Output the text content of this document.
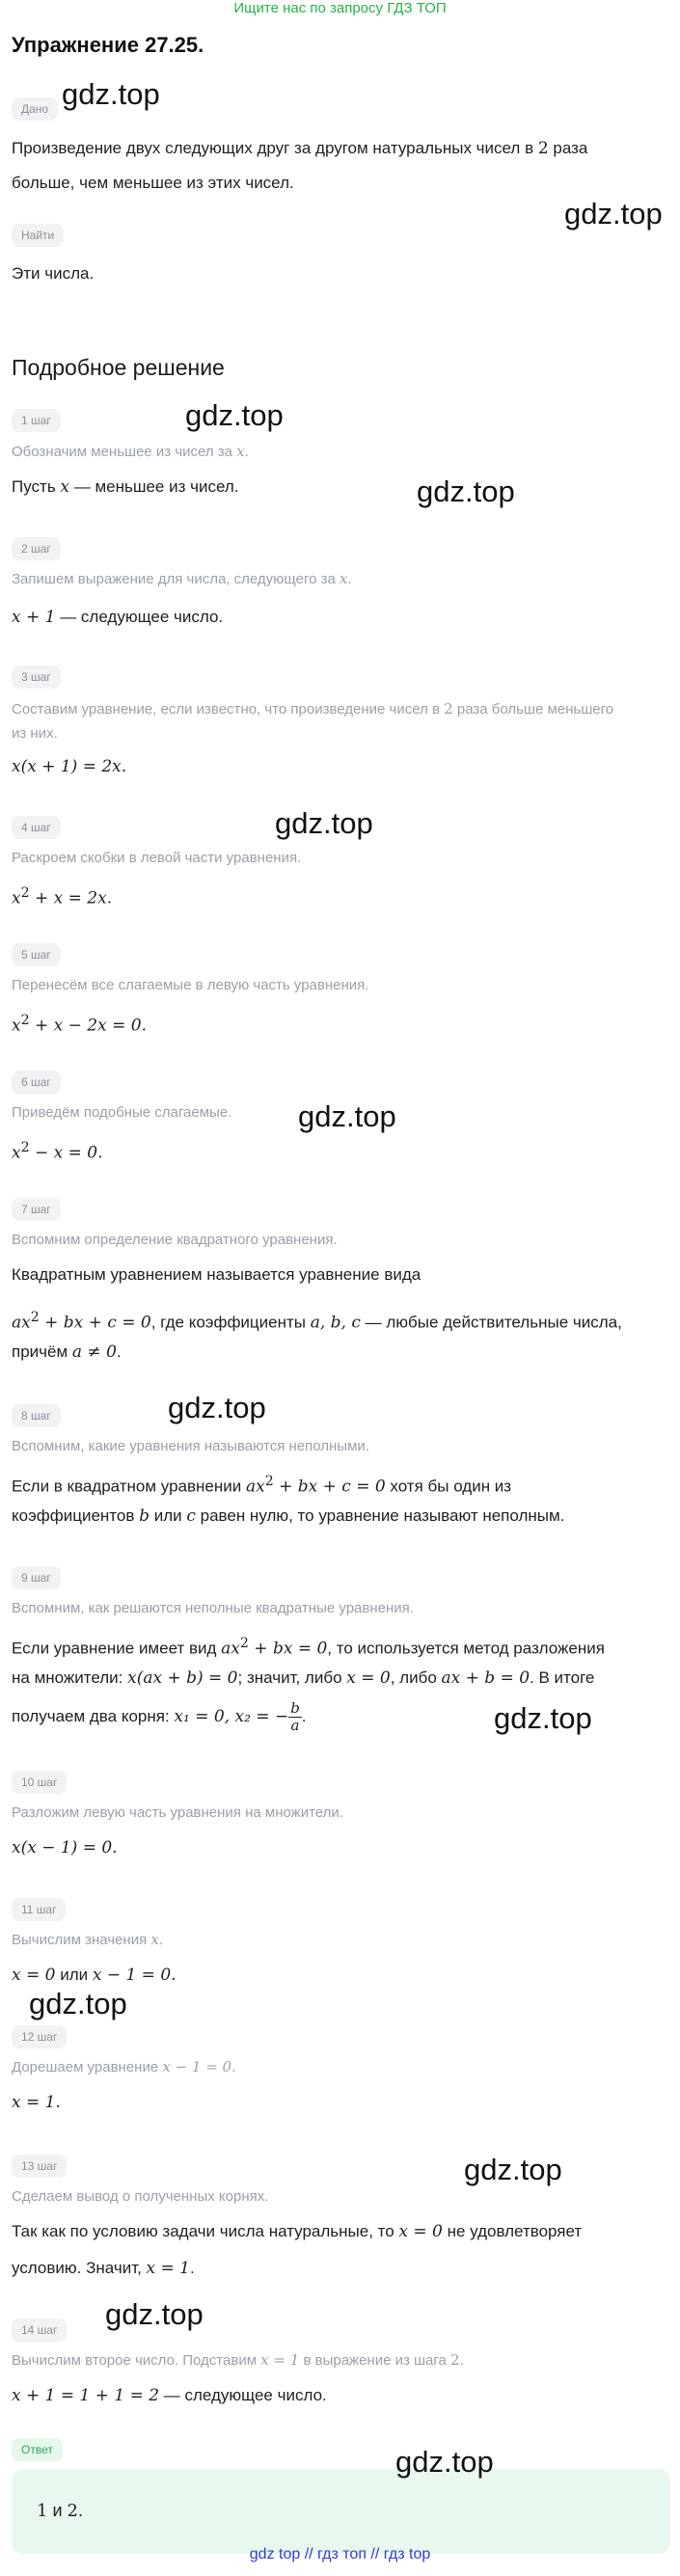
Ищите нас по запросу ГДЗ ТОП
Упражнение 27.25.
Дано
Произведение двух следующих друг за другом натуральных чисел в 2 раза
больше, чем меньшее из этих чисел.
Найти
Эти числа.
Подробное решение
1 шаг
Обозначим меньшее из чисел за x.
Пусть x — меньшее из чисел.
2 шаг
Запишем выражение для числа, следующего за x.
x + 1 — следующее число.
3 шаг
Составим уравнение, если известно, что произведение чисел в 2 раза больше меньшего
из них.
x(x + 1) = 2x.
4 шаг
Раскроем скобки в левой части уравнения.
$x^2 + x = 2x$.
5 шаг
Перенесём все слагаемые в левую часть уравнения.
$x^2 + x - 2x = 0$.
6 шаг
Приведём подобные слагаемые.
$x^2 - x = 0$.
7 шаг
Вспомним определение квадратного уравнения.
Квадратным уравнением называется уравнение вида
$ax^2$ + bx + c = 0, где коэффициенты a, b, c — любые действительные числа,
причём a ≠ 0.
8 шаг
Вспомним, какие уравнения называются неполными.
Если в квадратном уравнении $ax^2$ + bx + c = 0 хотя бы один из
коэффициентов b или c равен нулю, то уравнение называют неполным.
9 шаг
Вспомним, как решаются неполные квадратные уравнения.
Если уравнение имеет вид $ax^2$ + bx = 0, то используется метод разложения
на множители: x(ax + b) = 0; значит, либо x = 0, либо ax + b = 0. В итоге
получаем два корня: x₁ = 0, x₂ = − $\frac{b}{a}$ .
10 шаг
Разложим левую часть уравнения на множители.
x(x − 1) = 0.
11 шаг
Вычислим значения x.
x = 0 или x − 1 = 0.
12 шаг
Дорешаем уравнение x − 1 = 0.
x = 1.
13 шаг
Сделаем вывод о полученных корнях.
Так как по условию задачи числа натуральные, то x = 0 не удовлетворяет
условию. Значит, x = 1.
14 шаг
Вычислим второе число. Подставим x = 1 в выражение из шага 2.
x + 1 = 1 + 1 = 2 — следующее число.
Ответ
1 и 2.
gdz.top
gdz.top
gdz.top
gdz.top
gdz.top
gdz.top
gdz.top
gdz.top
gdz.top
gdz.top
gdz.top
gdz.top
gdz top // гдз топ // гдз top
